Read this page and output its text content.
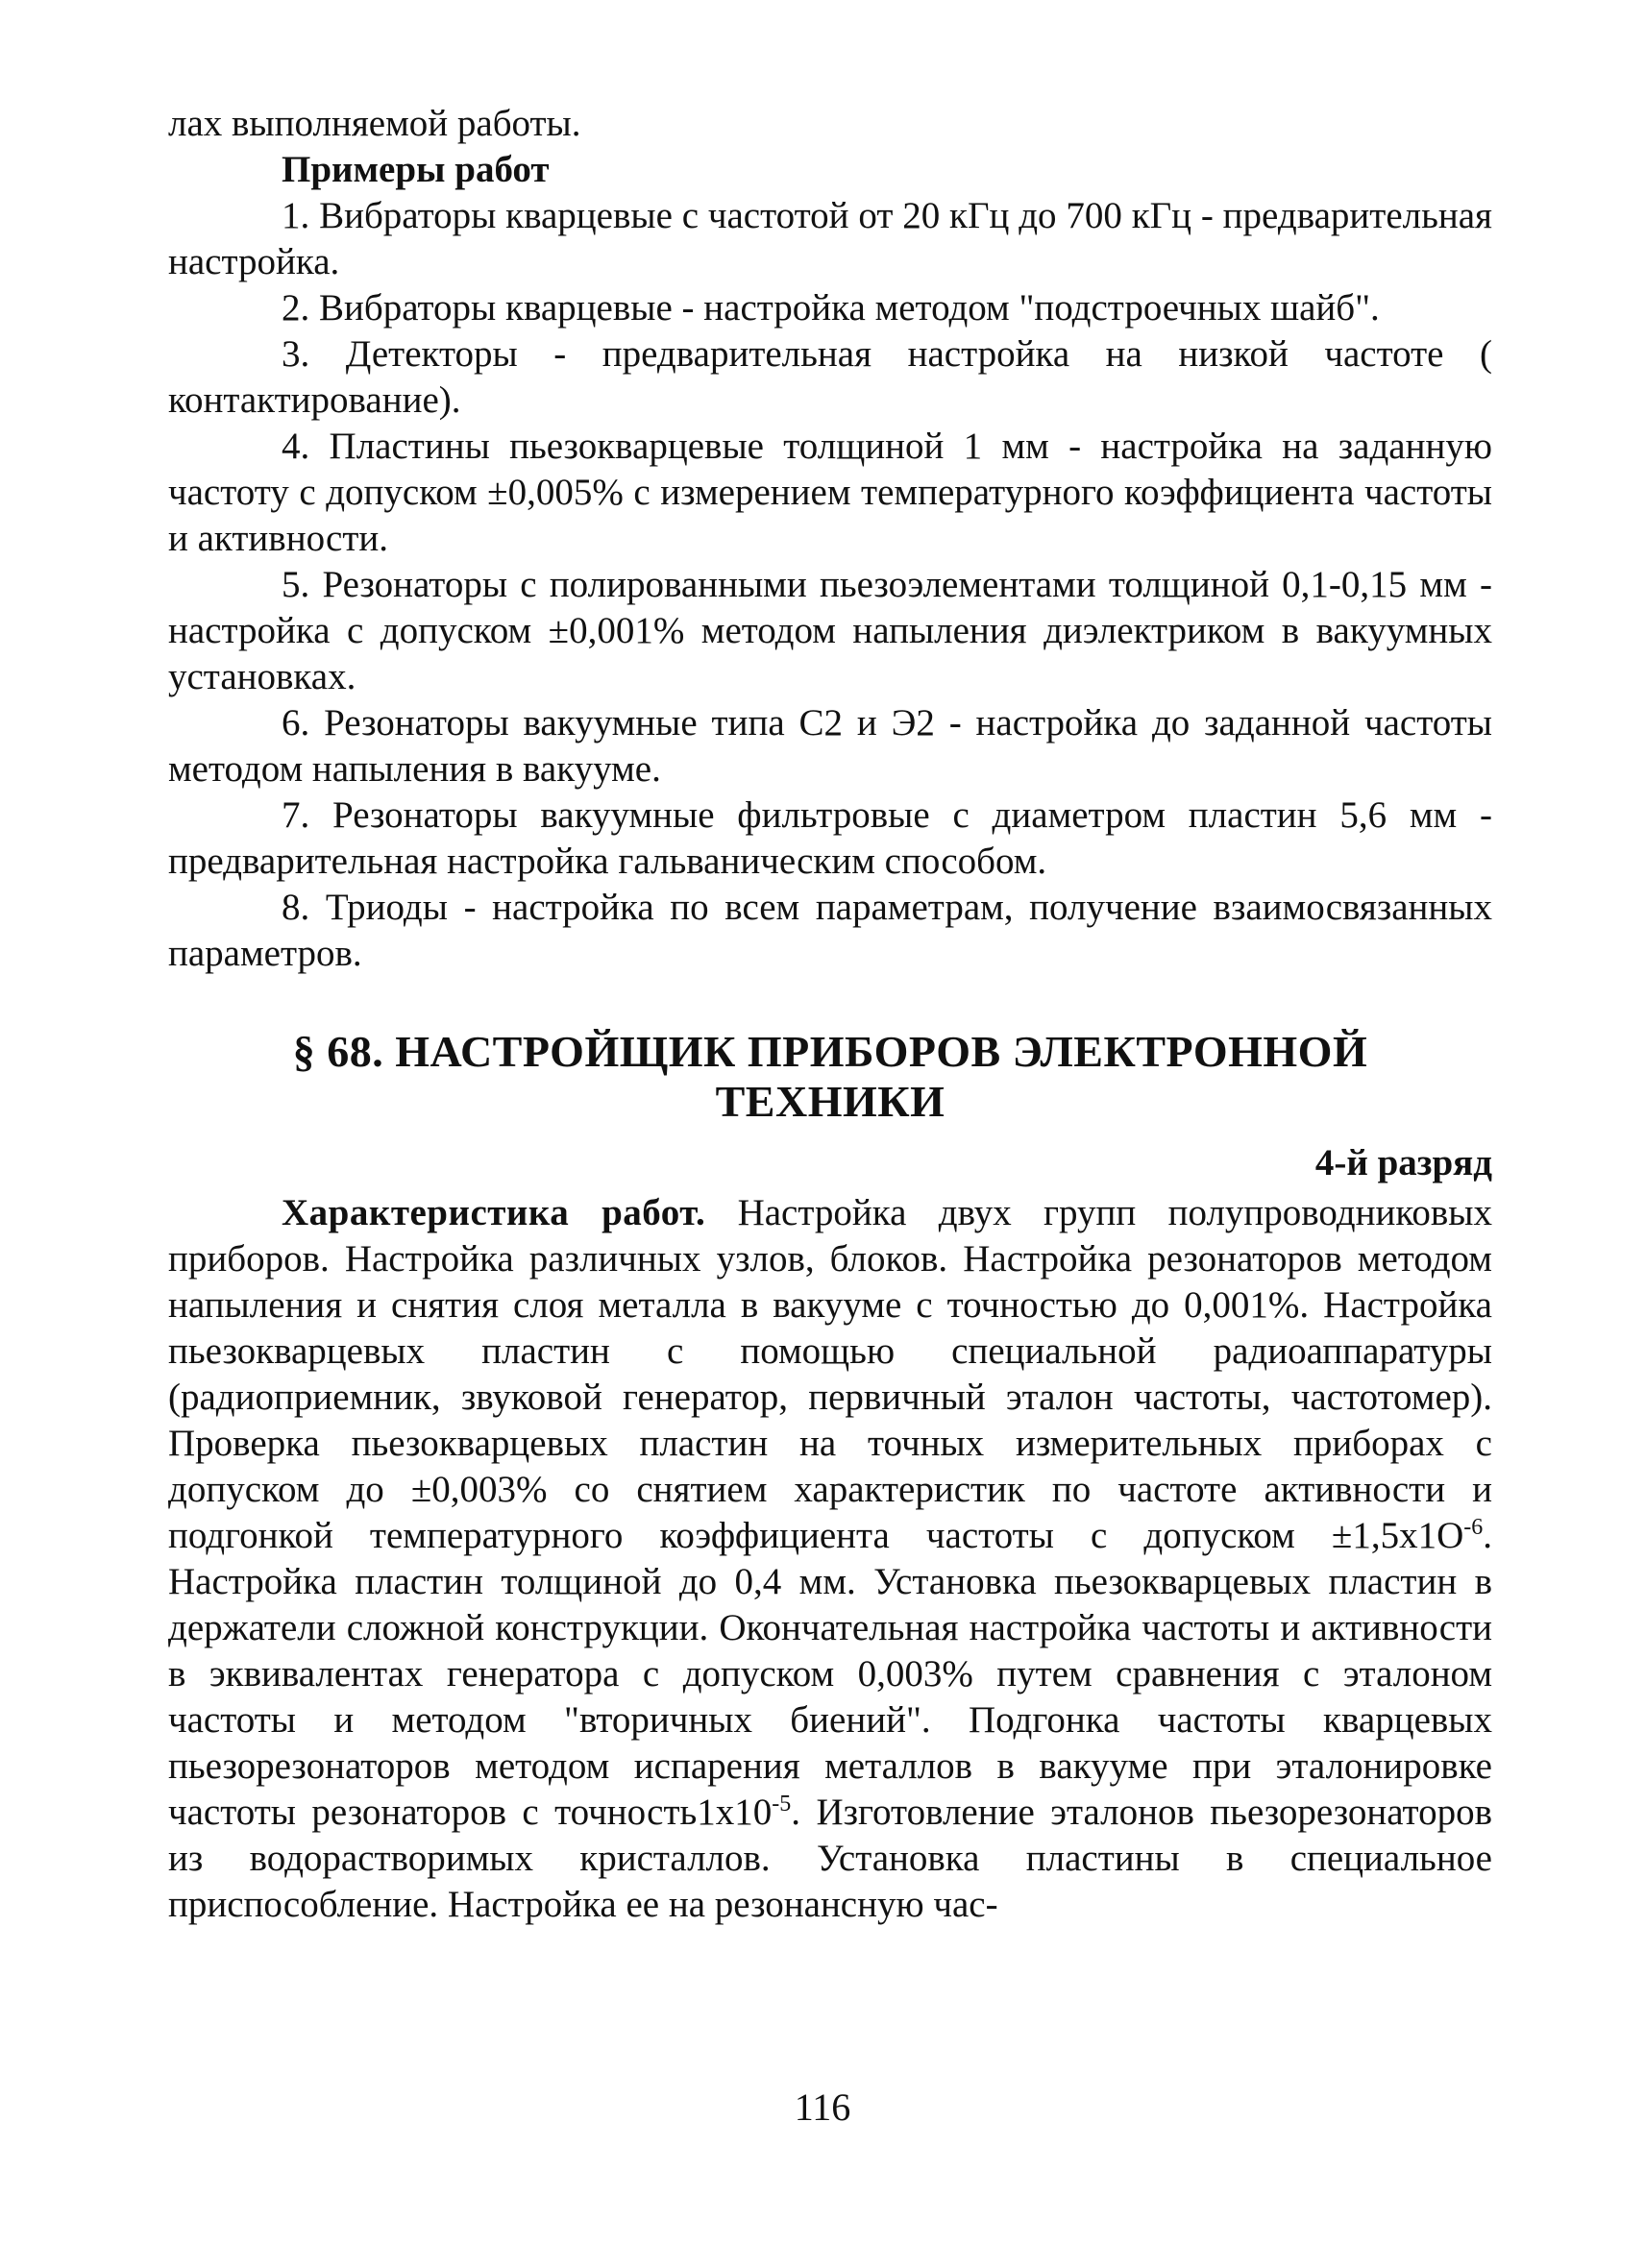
лах выполняемой работы.

Примеры работ

1. Вибраторы кварцевые с частотой от 20 кГц до 700 кГц - предварительная настройка.

2. Вибраторы кварцевые - настройка методом "подстроечных шайб".

3. Детекторы - предварительная настройка на низкой частоте ( контактирование).

4. Пластины пьезокварцевые толщиной 1 мм - настройка на заданную частоту с допуском ±0,005% с измерением температурного коэффициента частоты и активности.

5. Резонаторы с полированными пьезоэлементами толщиной 0,1-0,15 мм - настройка с допуском ±0,001% методом напыления диэлектриком в вакуумных установках.

6. Резонаторы вакуумные типа С2 и Э2 - настройка до заданной частоты методом напыления в вакууме.

7. Резонаторы вакуумные фильтровые с диаметром пластин 5,6 мм - предварительная настройка гальваническим способом.

8. Триоды - настройка по всем параметрам, получение взаимосвязанных параметров.

§ 68. НАСТРОЙЩИК ПРИБОРОВ ЭЛЕКТРОННОЙ
ТЕХНИКИ
4-й разряд

Характеристика работ. Настройка двух групп полупроводниковых приборов. Настройка различных узлов, блоков. Настройка резонаторов методом напыления и снятия слоя металла в вакууме с точностью до 0,001%. Настройка пьезокварцевых пластин с помощью специальной радиоаппаратуры (радиоприемник, звуковой генератор, первичный эталон частоты, частотомер). Проверка пьезокварцевых пластин на точных измерительных приборах с допуском до ±0,003% со снятием характеристик по частоте активности и подгонкой температурного коэффициента частоты с допуском $\pm 1,5x1O^{-6}$. Настройка пластин толщиной до 0,4 мм. Установка пьезокварцевых пластин в держатели сложной конструкции. Окончательная настройка частоты и активности в эквивалентах генератора с допуском 0,003% путем сравнения с эталоном частоты и методом "вторичных биений". Подгонка частоты кварцевых пьезорезонаторов методом испарения металлов в вакууме при эталонировке частоты резонаторов с $точность1x10^{-5}$. Изготовление эталонов пьезорезонаторов из водорастворимых кристаллов. Установка пластины в специальное приспособление. Настройка ее на резонансную час-

116
